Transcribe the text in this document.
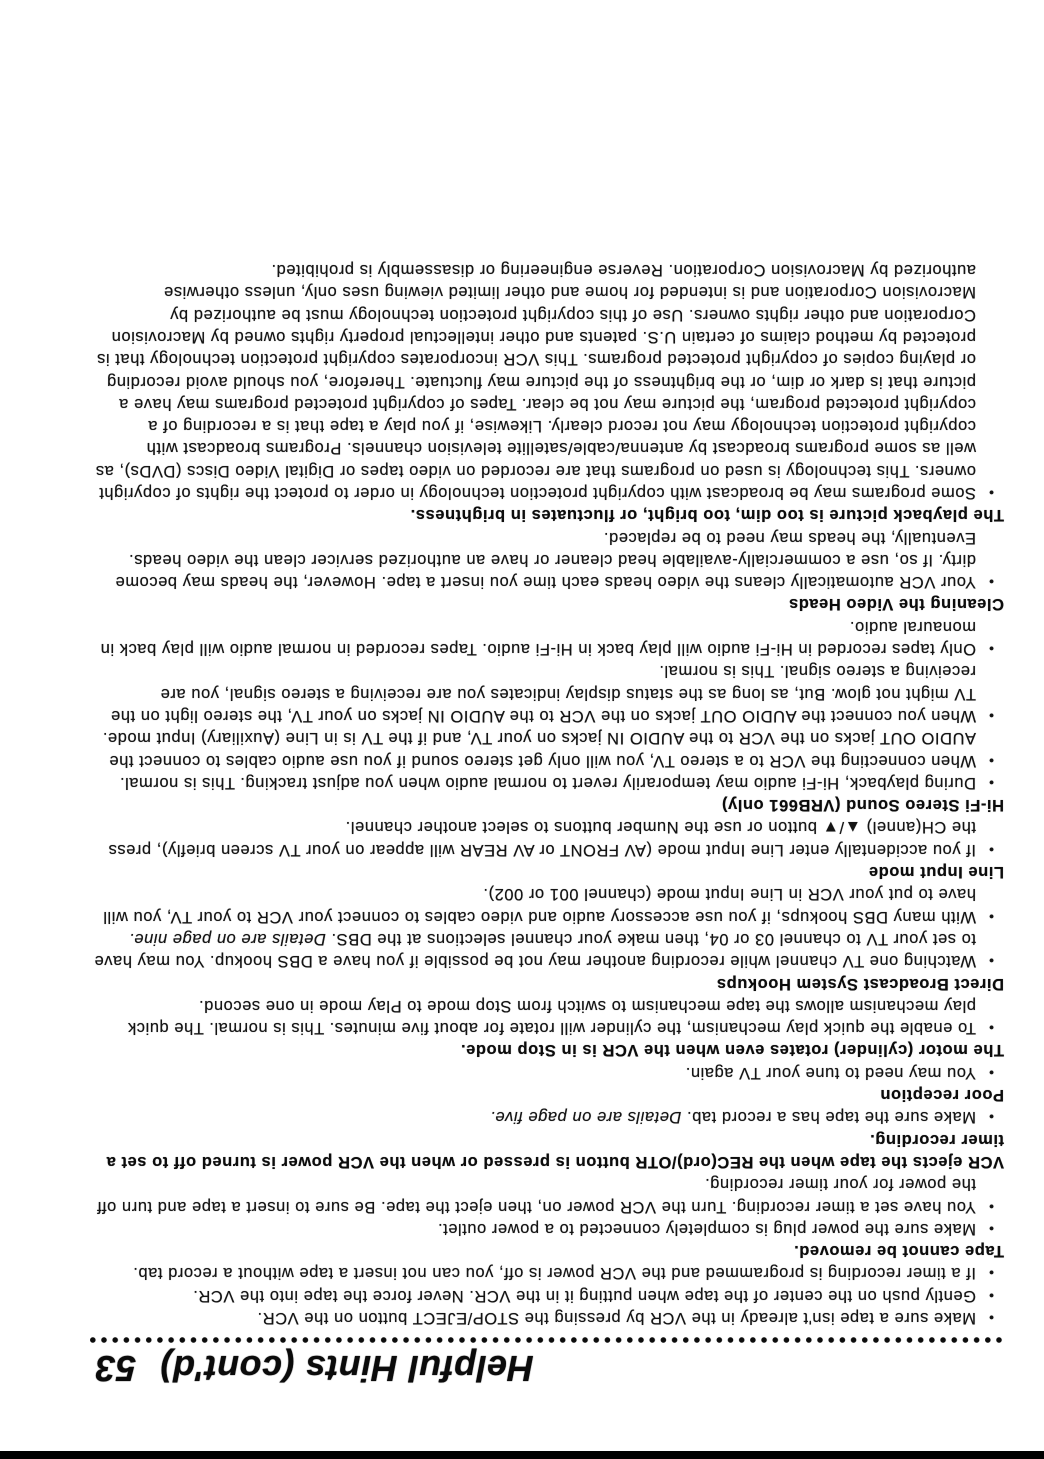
Helpful Hints (cont'd)53
•
Make sure a tape isn't already in the VCR by pressing the STOP/EJECT button on the VCR.
•
Gently push on the center of the tape when putting it in the VCR. Never force the tape into the VCR.
•
If a timer recording is programmed and the VCR power is off, you can not insert a tape without a record tab.
Tape cannot be removed.
•
Make sure the power plug is completely connected to a power outlet.
•
You have set a timer recording. Turn the VCR power on, then eject the tape. Be sure to insert a tape and turn off the power for your timer recording.
VCR ejects the tape when the REC(ord)/OTR button is pressed or when the VCR power is turned off to set a timer recording.
•
Make sure the tape has a record tab. Details are on page five.
Poor reception
•
You may need to tune your TV again.
The motor (cylinder) rotates even when the VCR is in Stop mode.
•
To enable the quick play mechanism, the cylinder will rotate for about five minutes. This is normal. The quick play mechanism allows the tape mechanism to switch from Stop mode to Play mode in one second.
Direct Broadcast System Hookups
•
Watching one TV channel while recording another may not be possible if you have a DBS hookup. You may have to set your TV to channel 03 or 04, then make your channel selections at the DBS. Details are on page nine.
•
With many DBS hookups, if you use accessory audio and video cables to connect your VCR to your TV, you will have to put your VCR in Line Input mode (channel 001 or 002).
Line Input mode
•
If you accidentally enter Line Input mode (AV FRONT or AV REAR will appear on your TV screen briefly), press the CH(annel) ▲/▼ button or use the Number buttons to select another channel.
Hi-Fi Stereo Sound (VRB661 only)
•
During playback, Hi-Fi audio may temporarily revert to normal audio when you adjust tracking. This is normal.
•
When connecting the VCR to a stereo TV, you will only get stereo sound if you use audio cables to connect the AUDIO OUT jacks on the VCR to the AUDIO IN jacks on your TV, and if the TV is in Line (Auxiliary) Input mode.
•
When you connect the AUDIO OUT jacks on the VCR to the AUDIO IN jacks on your TV, the stereo light on the TV might not glow. But, as long as the status display indicates you are receiving a stereo signal, you are receiving a stereo signal. This is normal.
•
Only tapes recorded in Hi-Fi audio will play back in Hi-Fi audio. Tapes recorded in normal audio will play back in monaural audio.
Cleaning the Video Heads
•
Your VCR automatically cleans the video heads each time you insert a tape. However, the heads may become dirty. If so, use a commercially-available head cleaner or have an authorized servicer clean the video heads. Eventually, the heads may need to be replaced.
The playback picture is too dim, too bright, or fluctuates in brightness.
•
Some programs may be broadcast with copyright protection technology in order to protect the rights of copyright owners. This technology is used on programs that are recorded on video tapes or Digital Video Discs (DVDs), as well as some programs broadcast by antenna/cable/satellite television channels. Programs broadcast with copyright protection technology may not record clearly. Likewise, if you play a tape that is a recording of a copyright protected program, the picture may not be clear. Tapes of copyright protected programs may have a picture that is dark or dim, or the brightness of the picture may fluctuate. Therefore, you should avoid recording or playing copies of copyright protected programs. This VCR incorporates copyright protection technology that is protected by method claims of certain U.S. patents and other intellectual property rights owned by Macrovision Corporation and other rights owners. Use of this copyright protection technology must be authorized by Macrovision Corporation and is intended for home and other limited viewing uses only, unless otherwise authorized by Macrovision Corporation. Reverse engineering or disassembly is prohibited.
